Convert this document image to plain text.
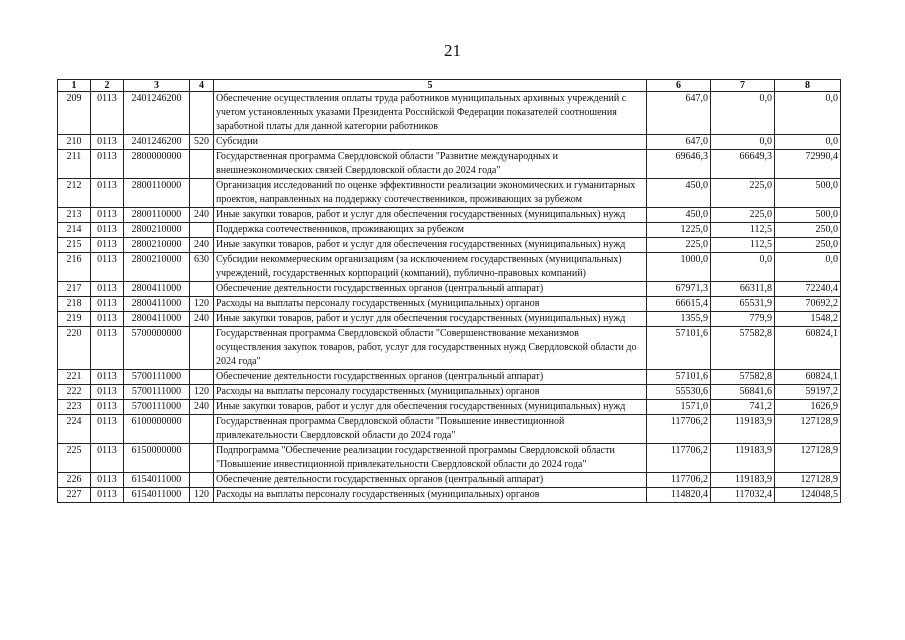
21
1	2	3	4	5	6	7	8
209	0113	2401246200		Обеспечение осуществления оплаты труда работников муниципальных архивных учреждений с учетом установленных указами Президента Российской Федерации показателей соотношения заработной платы для данной категории работников	647,0	0,0	0,0
210	0113	2401246200	520	Субсидии	647,0	0,0	0,0
211	0113	2800000000		Государственная программа Свердловской области "Развитие международных и внешнеэкономических связей Свердловской области до 2024 года"	69646,3	66649,3	72990,4
212	0113	2800110000		Организация исследований по оценке эффективности реализации экономических и гуманитарных проектов, направленных на поддержку соотечественников, проживающих за рубежом	450,0	225,0	500,0
213	0113	2800110000	240	Иные закупки товаров, работ и услуг для обеспечения государственных (муниципальных) нужд	450,0	225,0	500,0
214	0113	2800210000		Поддержка соотечественников, проживающих за рубежом	1225,0	112,5	250,0
215	0113	2800210000	240	Иные закупки товаров, работ и услуг для обеспечения государственных (муниципальных) нужд	225,0	112,5	250,0
216	0113	2800210000	630	Субсидии некоммерческим организациям (за исключением государственных (муниципальных) учреждений, государственных корпораций (компаний), публично-правовых компаний)	1000,0	0,0	0,0
217	0113	2800411000		Обеспечение деятельности государственных органов (центральный аппарат)	67971,3	66311,8	72240,4
218	0113	2800411000	120	Расходы на выплаты персоналу государственных (муниципальных) органов	66615,4	65531,9	70692,2
219	0113	2800411000	240	Иные закупки товаров, работ и услуг для обеспечения государственных (муниципальных) нужд	1355,9	779,9	1548,2
220	0113	5700000000		Государственная программа Свердловской области "Совершенствование механизмов осуществления закупок товаров, работ, услуг для государственных нужд Свердловской области до 2024 года"	57101,6	57582,8	60824,1
221	0113	5700111000		Обеспечение деятельности государственных органов (центральный аппарат)	57101,6	57582,8	60824,1
222	0113	5700111000	120	Расходы на выплаты персоналу государственных (муниципальных) органов	55530,6	56841,6	59197,2
223	0113	5700111000	240	Иные закупки товаров, работ и услуг для обеспечения государственных (муниципальных) нужд	1571,0	741,2	1626,9
224	0113	6100000000		Государственная программа Свердловской области "Повышение инвестиционной привлекательности Свердловской области до 2024 года"	117706,2	119183,9	127128,9
225	0113	6150000000		Подпрограмма "Обеспечение реализации государственной программы Свердловской области "Повышение инвестиционной привлекательности Свердловской области до 2024 года"	117706,2	119183,9	127128,9
226	0113	6154011000		Обеспечение деятельности государственных органов (центральный аппарат)	117706,2	119183,9	127128,9
227	0113	6154011000	120	Расходы на выплаты персоналу государственных (муниципальных) органов	114820,4	117032,4	124048,5
